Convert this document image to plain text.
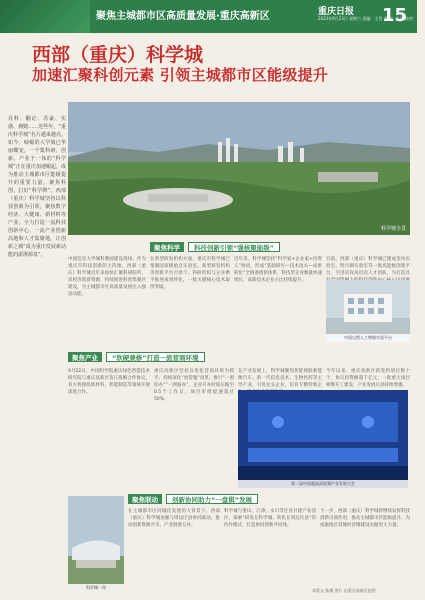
聚焦主城都市区高质量发展·重庆高新区	重庆日报
2023年9月23日 星期六 责编：王哲 美编：张开 校对：方林
15
西部（重庆）科学城
加速汇聚科创元素 引领主城都市区能级提升
肖科、翻论、苏豪、实感、拥嬗……近些年，“重庆科学城”名片越来越亮。如今，崎崛的大学城已华丽蝶变，一个集科研、创新、产业于一体的“科学城”正在重庆加速崛起，成为推动主城都市区能级提升的重要力量。聚焦科创，打好“科学牌”。西部（重庆）科学城坚持以科技创新为引领，聚焦数字经济、大健康、新材料等产业，全力打造一流科技创新中心、一流产业创新高地和人才集聚地，让创新之城“成为重庆发展新动能的澎湃源泉”。
科学城全景
聚焦科学	科技创新引领“强核聚能级”
中国信息大学城科教园建设现场。作为重庆市科技创新的主阵地，西部（重庆）科学城近年来加快汇聚科研院所、高校等创新资源，持续推进科创集聚区建设，为主城都市区高质量发展注入强劲动能。
在新型研发机构方面，重庆市科学城已集聚国家级重点实验室、新型研发机构等创新平台百余个。科研机构与企业携手推进成果转化，一批关键核心技术取得突破。
近年来，科学城坚持“科学家+企业家+投资人”协同，形成“基础研究—技术攻关—成果转化”全链条创新体系，科技型企业数量快速增长，高新技术企业占比持续提升。
目前，西部（重庆）科学城已建成金凤实验室、明月湖实验室等一批高能级创新平台，引进培育高层次人才团队，为打造具
中国自然人工物理实验平台
聚焦产业	“软硬兼修”打造一流营商环境
9月22日，中国科学院重庆绿色智能技术研究院与重庆高新区签订战略合作协议，双方将围绕新材料、智能制造等领域开展深度合作。
重庆高新区坚持以优化营商环境为抓手，持续深化“放管服”改革，推行“一窗综办”“一网通办”，企业开办时间压缩至0.5个工作日，项目审批提速超过50%。
在产业发展上，科学城聚焦智能网联新能源汽车、新一代信息技术、生物医药等主导产业，引进龙头企业，培育专精特新企
今年以来，重庆高新区新签约项目数十个，协议投资额超千亿元，一批重大项目相继开工建设，产业发展后劲持续增强。
第二届中国超高清视频产业发展大会
聚焦联动	创新协同助力“一盘棋”发展
科学城一角
在主城都市区同城化发展的大背景下，西部（重庆）科学城加强与周边区县协同联动，推动创新资源共享、产业链条互补。
科学城与璧山、江津、永川等区县共建产业园区，探索“研发在科学城、转化在周边区县”的协作模式，打造协同创新共同体。
下一步，西部（重庆）科学城将继续发挥科技创新引领作用，推动主城都市区能级提升，为成渝地区双城经济圈建设贡献更大力量。
本版文 陈湘 图片 由重庆高新区提供
